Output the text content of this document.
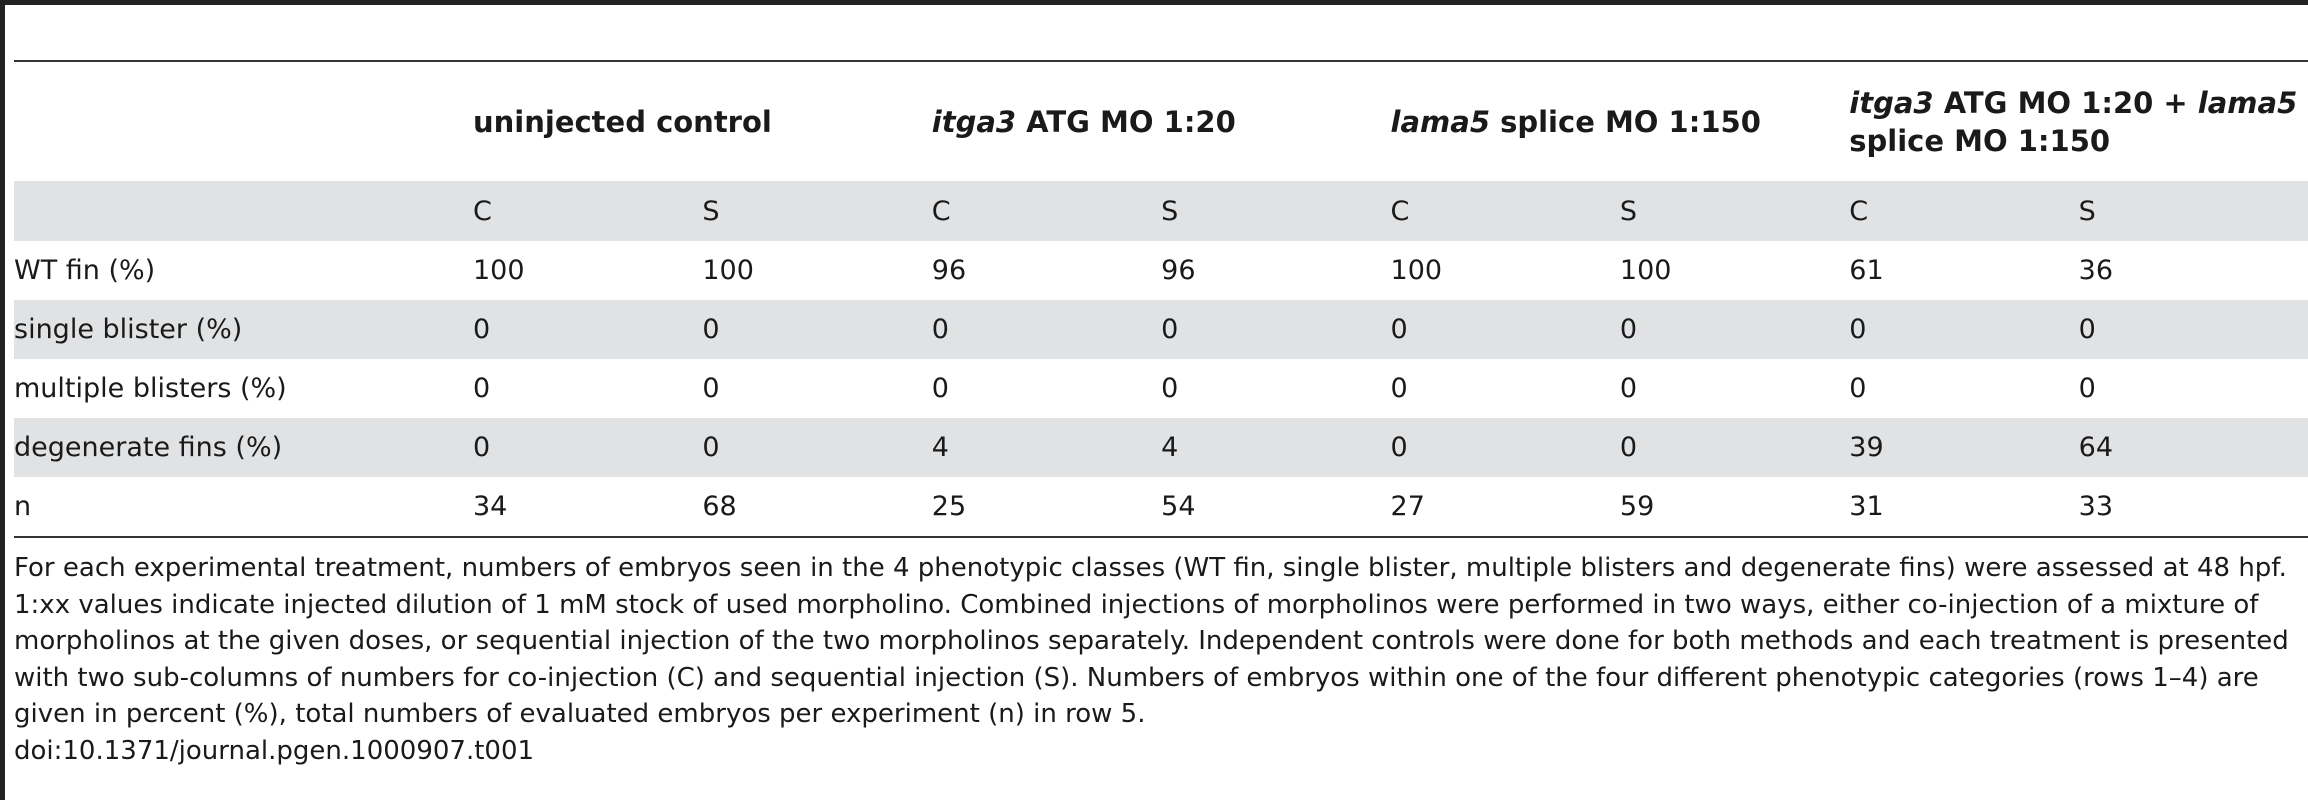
	uninjected control		itga3 ATG MO 1:20		lama5 splice MO 1:150		itga3 ATG MO 1:20 + lama5 splice MO 1:150	
	C	S	C	S	C	S	C	S
WT fin (%)	100	100	96	96	100	100	61	36
single blister (%)	0	0	0	0	0	0	0	0
multiple blisters (%)	0	0	0	0	0	0	0	0
degenerate fins (%)	0	0	4	4	0	0	39	64
n	34	68	25	54	27	59	31	33

For each experimental treatment, numbers of embryos seen in the 4 phenotypic classes (WT fin, single blister, multiple blisters and degenerate fins) were assessed at 48 hpf. 1:xx values indicate injected dilution of 1 mM stock of used morpholino. Combined injections of morpholinos were performed in two ways, either co-injection of a mixture of morpholinos at the given doses, or sequential injection of the two morpholinos separately. Independent controls were done for both methods and each treatment is presented with two sub-columns of numbers for co-injection (C) and sequential injection (S). Numbers of embryos within one of the four different phenotypic categories (rows 1–4) are given in percent (%), total numbers of evaluated embryos per experiment (n) in row 5.

doi:10.1371/journal.pgen.1000907.t001
